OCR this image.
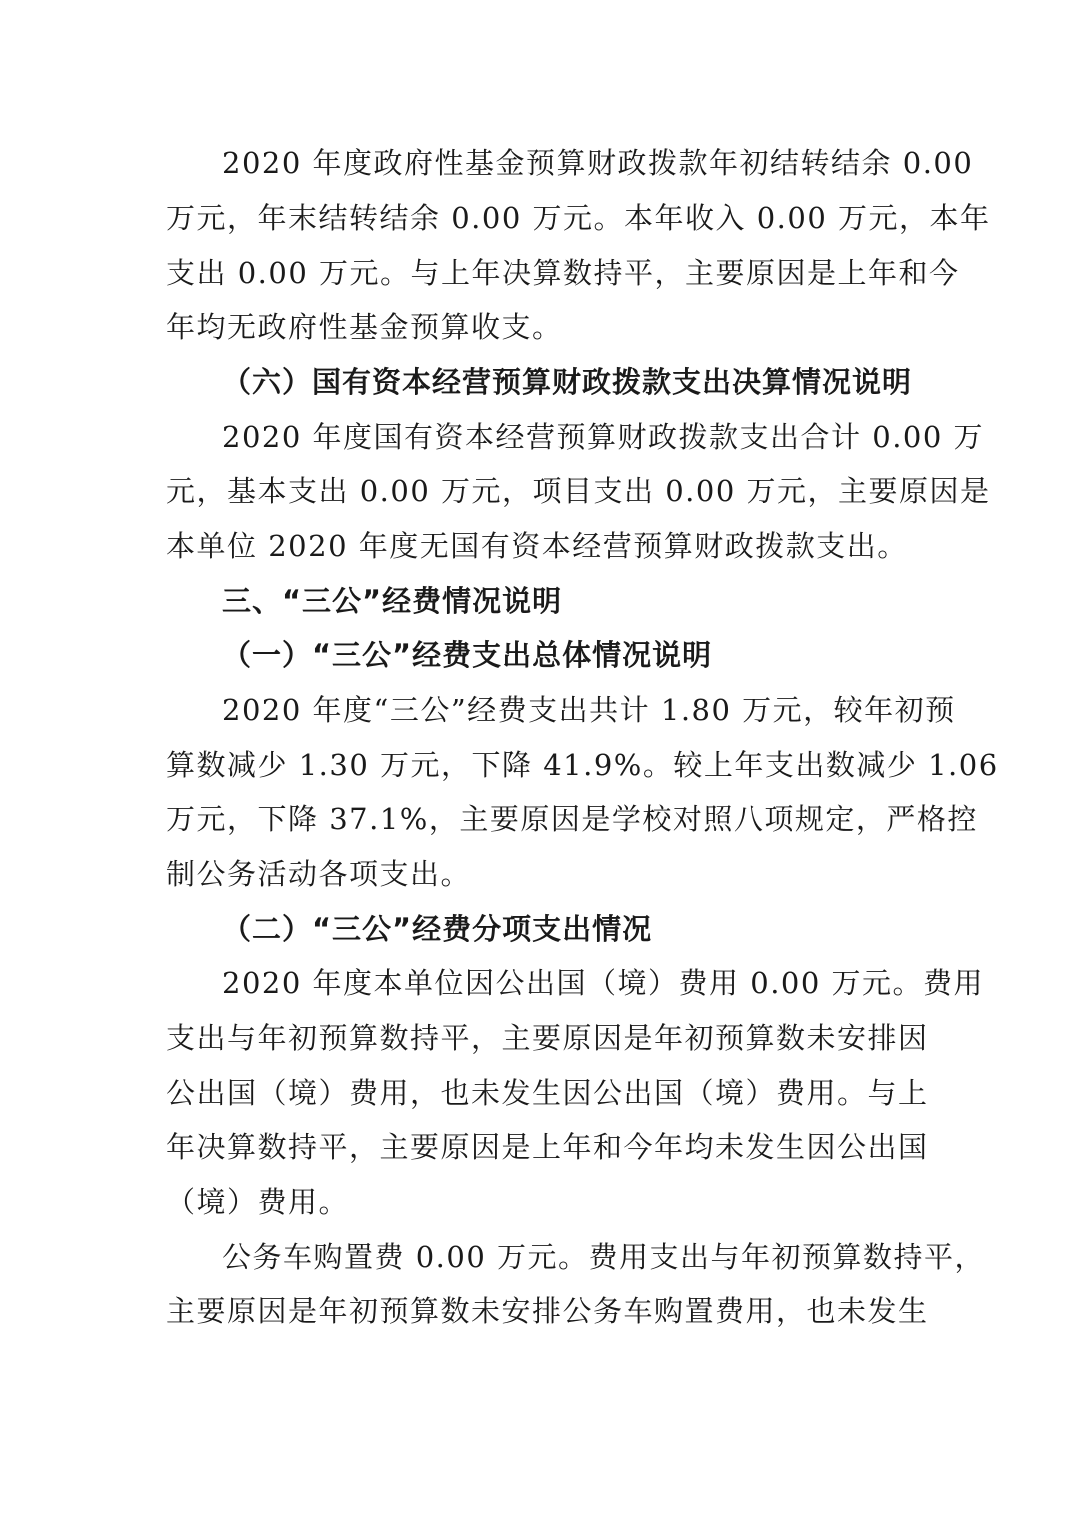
2020 年度政府性基金预算财政拨款年初结转结余 0.00
万元，年末结转结余 0.00 万元。本年收入 0.00 万元，本年
支出 0.00 万元。与上年决算数持平，主要原因是上年和今
年均无政府性基金预算收支。
（六）国有资本经营预算财政拨款支出决算情况说明
2020 年度国有资本经营预算财政拨款支出合计 0.00 万
元，基本支出 0.00 万元，项目支出 0.00 万元，主要原因是
本单位 2020 年度无国有资本经营预算财政拨款支出。
三、“三公”经费情况说明
（一）“三公”经费支出总体情况说明
2020 年度“三公”经费支出共计 1.80 万元，较年初预
算数减少 1.30 万元，下降 41.9%。较上年支出数减少 1.06
万元，下降 37.1%，主要原因是学校对照八项规定，严格控
制公务活动各项支出。
（二）“三公”经费分项支出情况
2020 年度本单位因公出国（境）费用 0.00 万元。费用
支出与年初预算数持平，主要原因是年初预算数未安排因
公出国（境）费用，也未发生因公出国（境）费用。与上
年决算数持平，主要原因是上年和今年均未发生因公出国
（境）费用。
公务车购置费 0.00 万元。费用支出与年初预算数持平，
主要原因是年初预算数未安排公务车购置费用，也未发生
